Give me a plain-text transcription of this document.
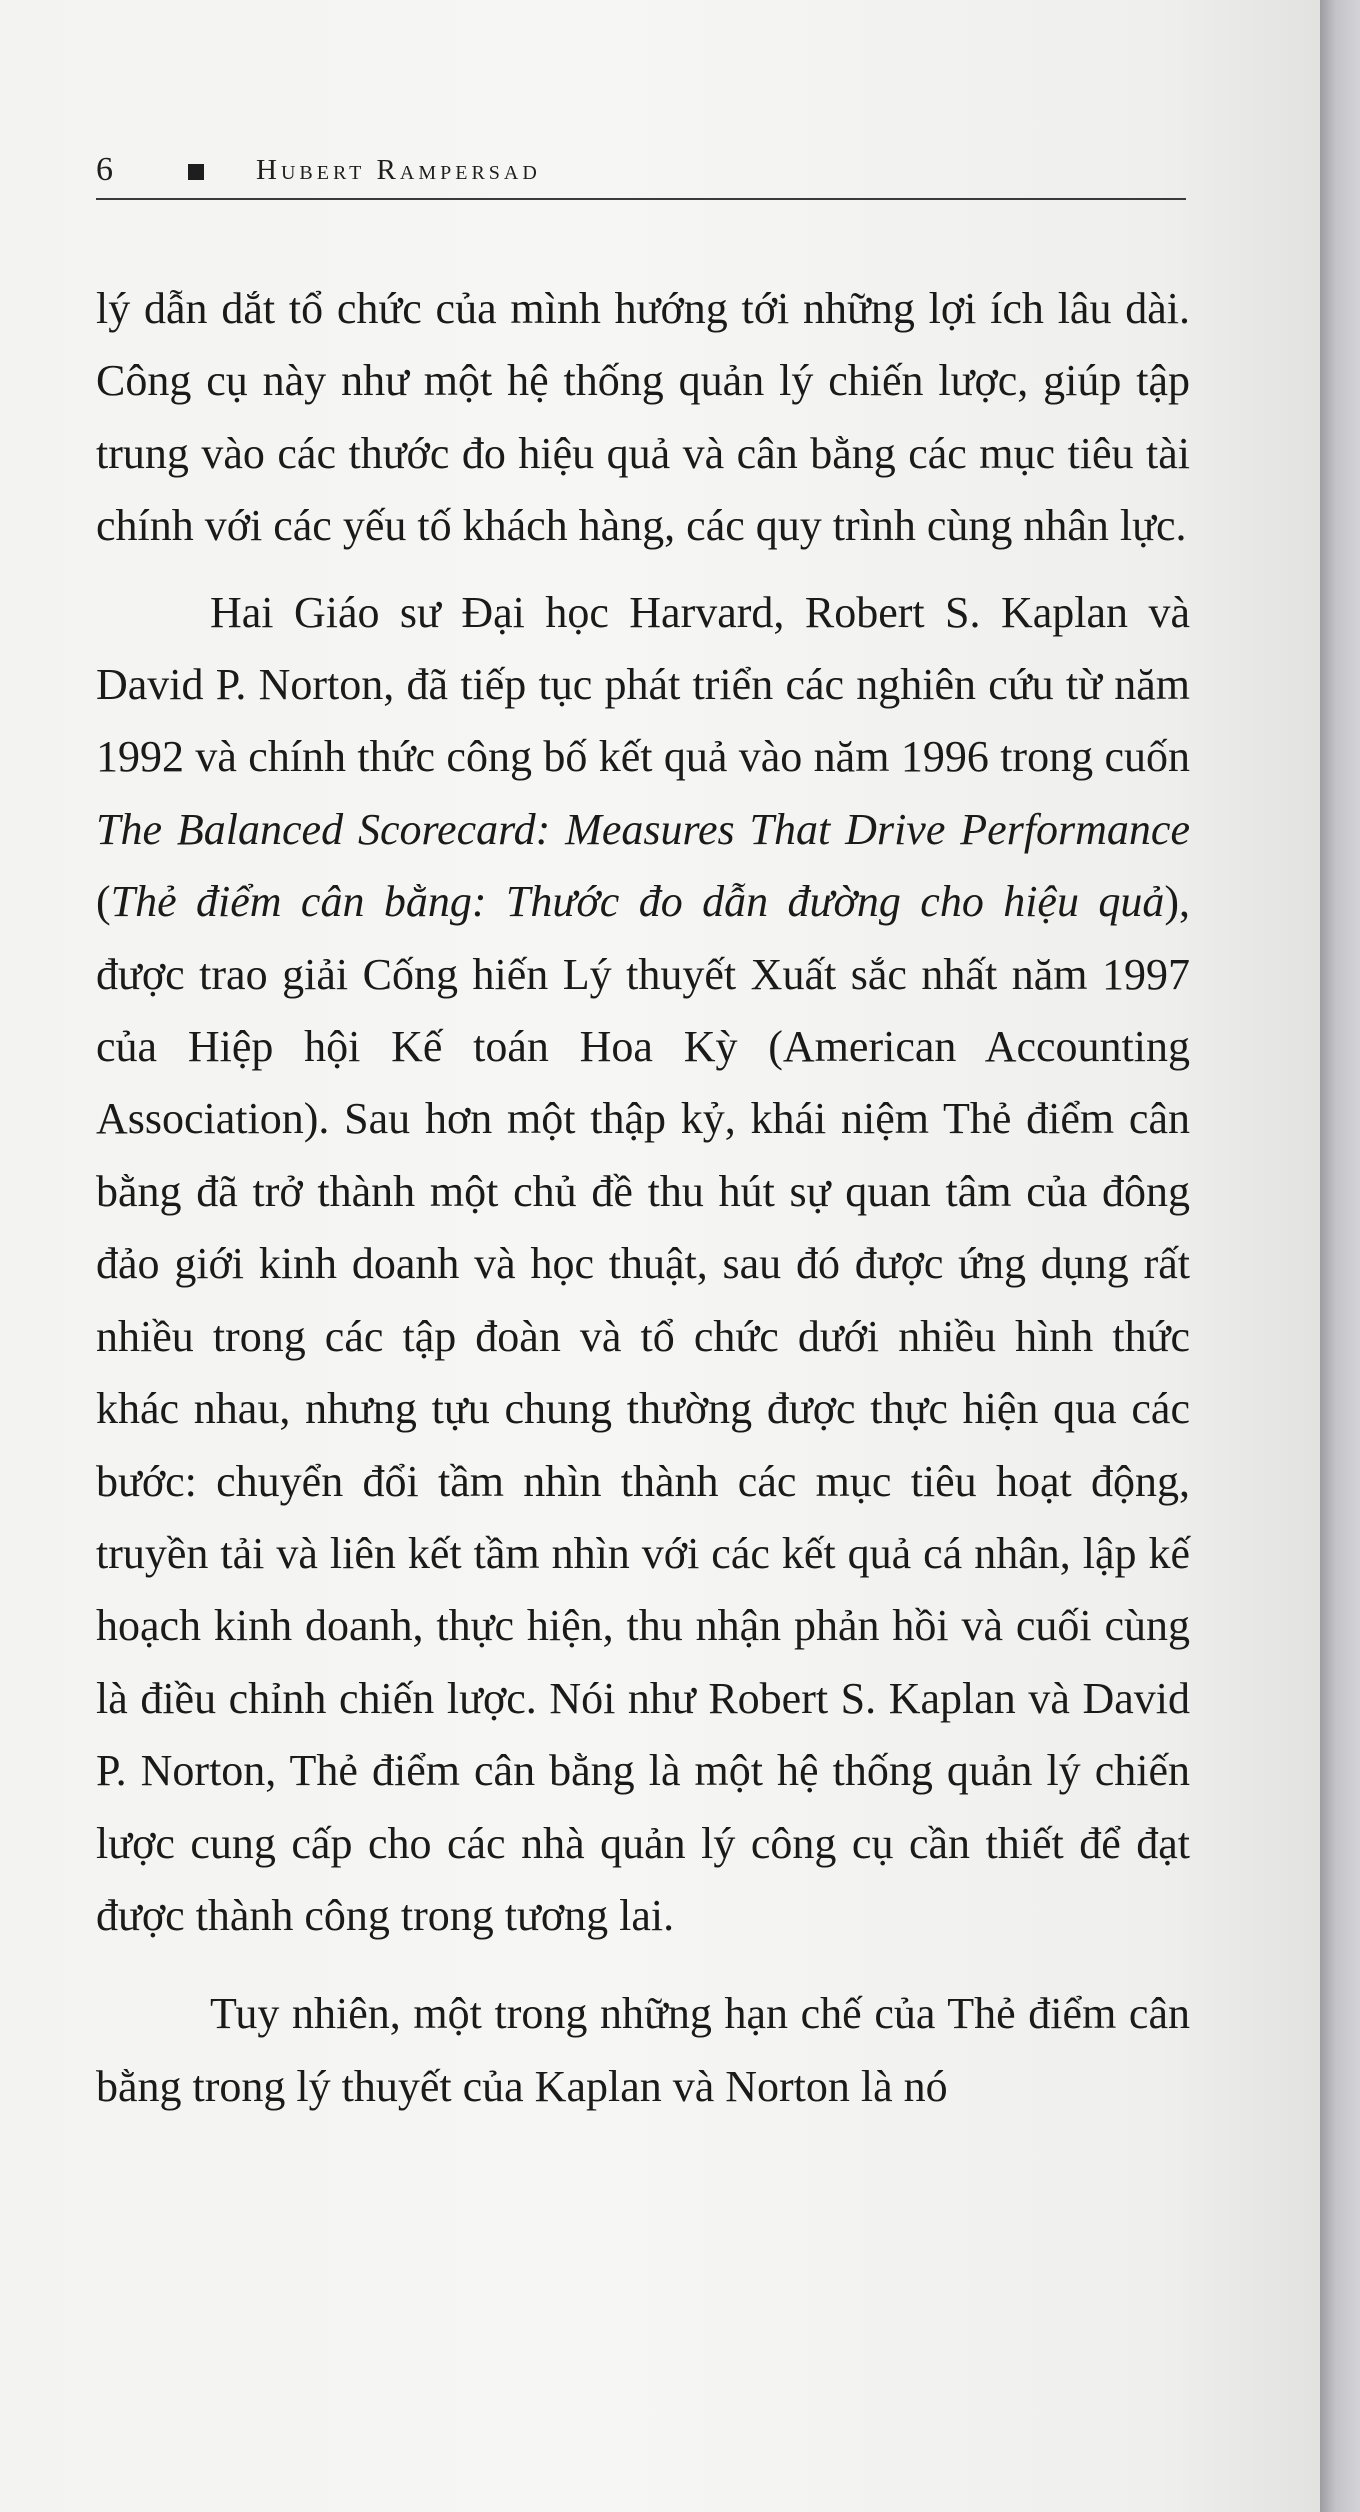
6	Hubert Rampersad

lý dẫn dắt tổ chức của mình hướng tới những lợi ích lâu dài. Công cụ này như một hệ thống quản lý chiến lược, giúp tập trung vào các thước đo hiệu quả và cân bằng các mục tiêu tài chính với các yếu tố khách hàng, các quy trình cùng nhân lực.

Hai Giáo sư Đại học Harvard, Robert S. Kaplan và David P. Norton, đã tiếp tục phát triển các nghiên cứu từ năm 1992 và chính thức công bố kết quả vào năm 1996 trong cuốn The Balanced Scorecard: Measures That Drive Performance (Thẻ điểm cân bằng: Thước đo dẫn đường cho hiệu quả), được trao giải Cống hiến Lý thuyết Xuất sắc nhất năm 1997 của Hiệp hội Kế toán Hoa Kỳ (American Accounting Association). Sau hơn một thập kỷ, khái niệm Thẻ điểm cân bằng đã trở thành một chủ đề thu hút sự quan tâm của đông đảo giới kinh doanh và học thuật, sau đó được ứng dụng rất nhiều trong các tập đoàn và tổ chức dưới nhiều hình thức khác nhau, nhưng tựu chung thường được thực hiện qua các bước: chuyển đổi tầm nhìn thành các mục tiêu hoạt động, truyền tải và liên kết tầm nhìn với các kết quả cá nhân, lập kế hoạch kinh doanh, thực hiện, thu nhận phản hồi và cuối cùng là điều chỉnh chiến lược. Nói như Robert S. Kaplan và David P. Norton, Thẻ điểm cân bằng là một hệ thống quản lý chiến lược cung cấp cho các nhà quản lý công cụ cần thiết để đạt được thành công trong tương lai.

Tuy nhiên, một trong những hạn chế của Thẻ điểm cân bằng trong lý thuyết của Kaplan và Norton là nó
